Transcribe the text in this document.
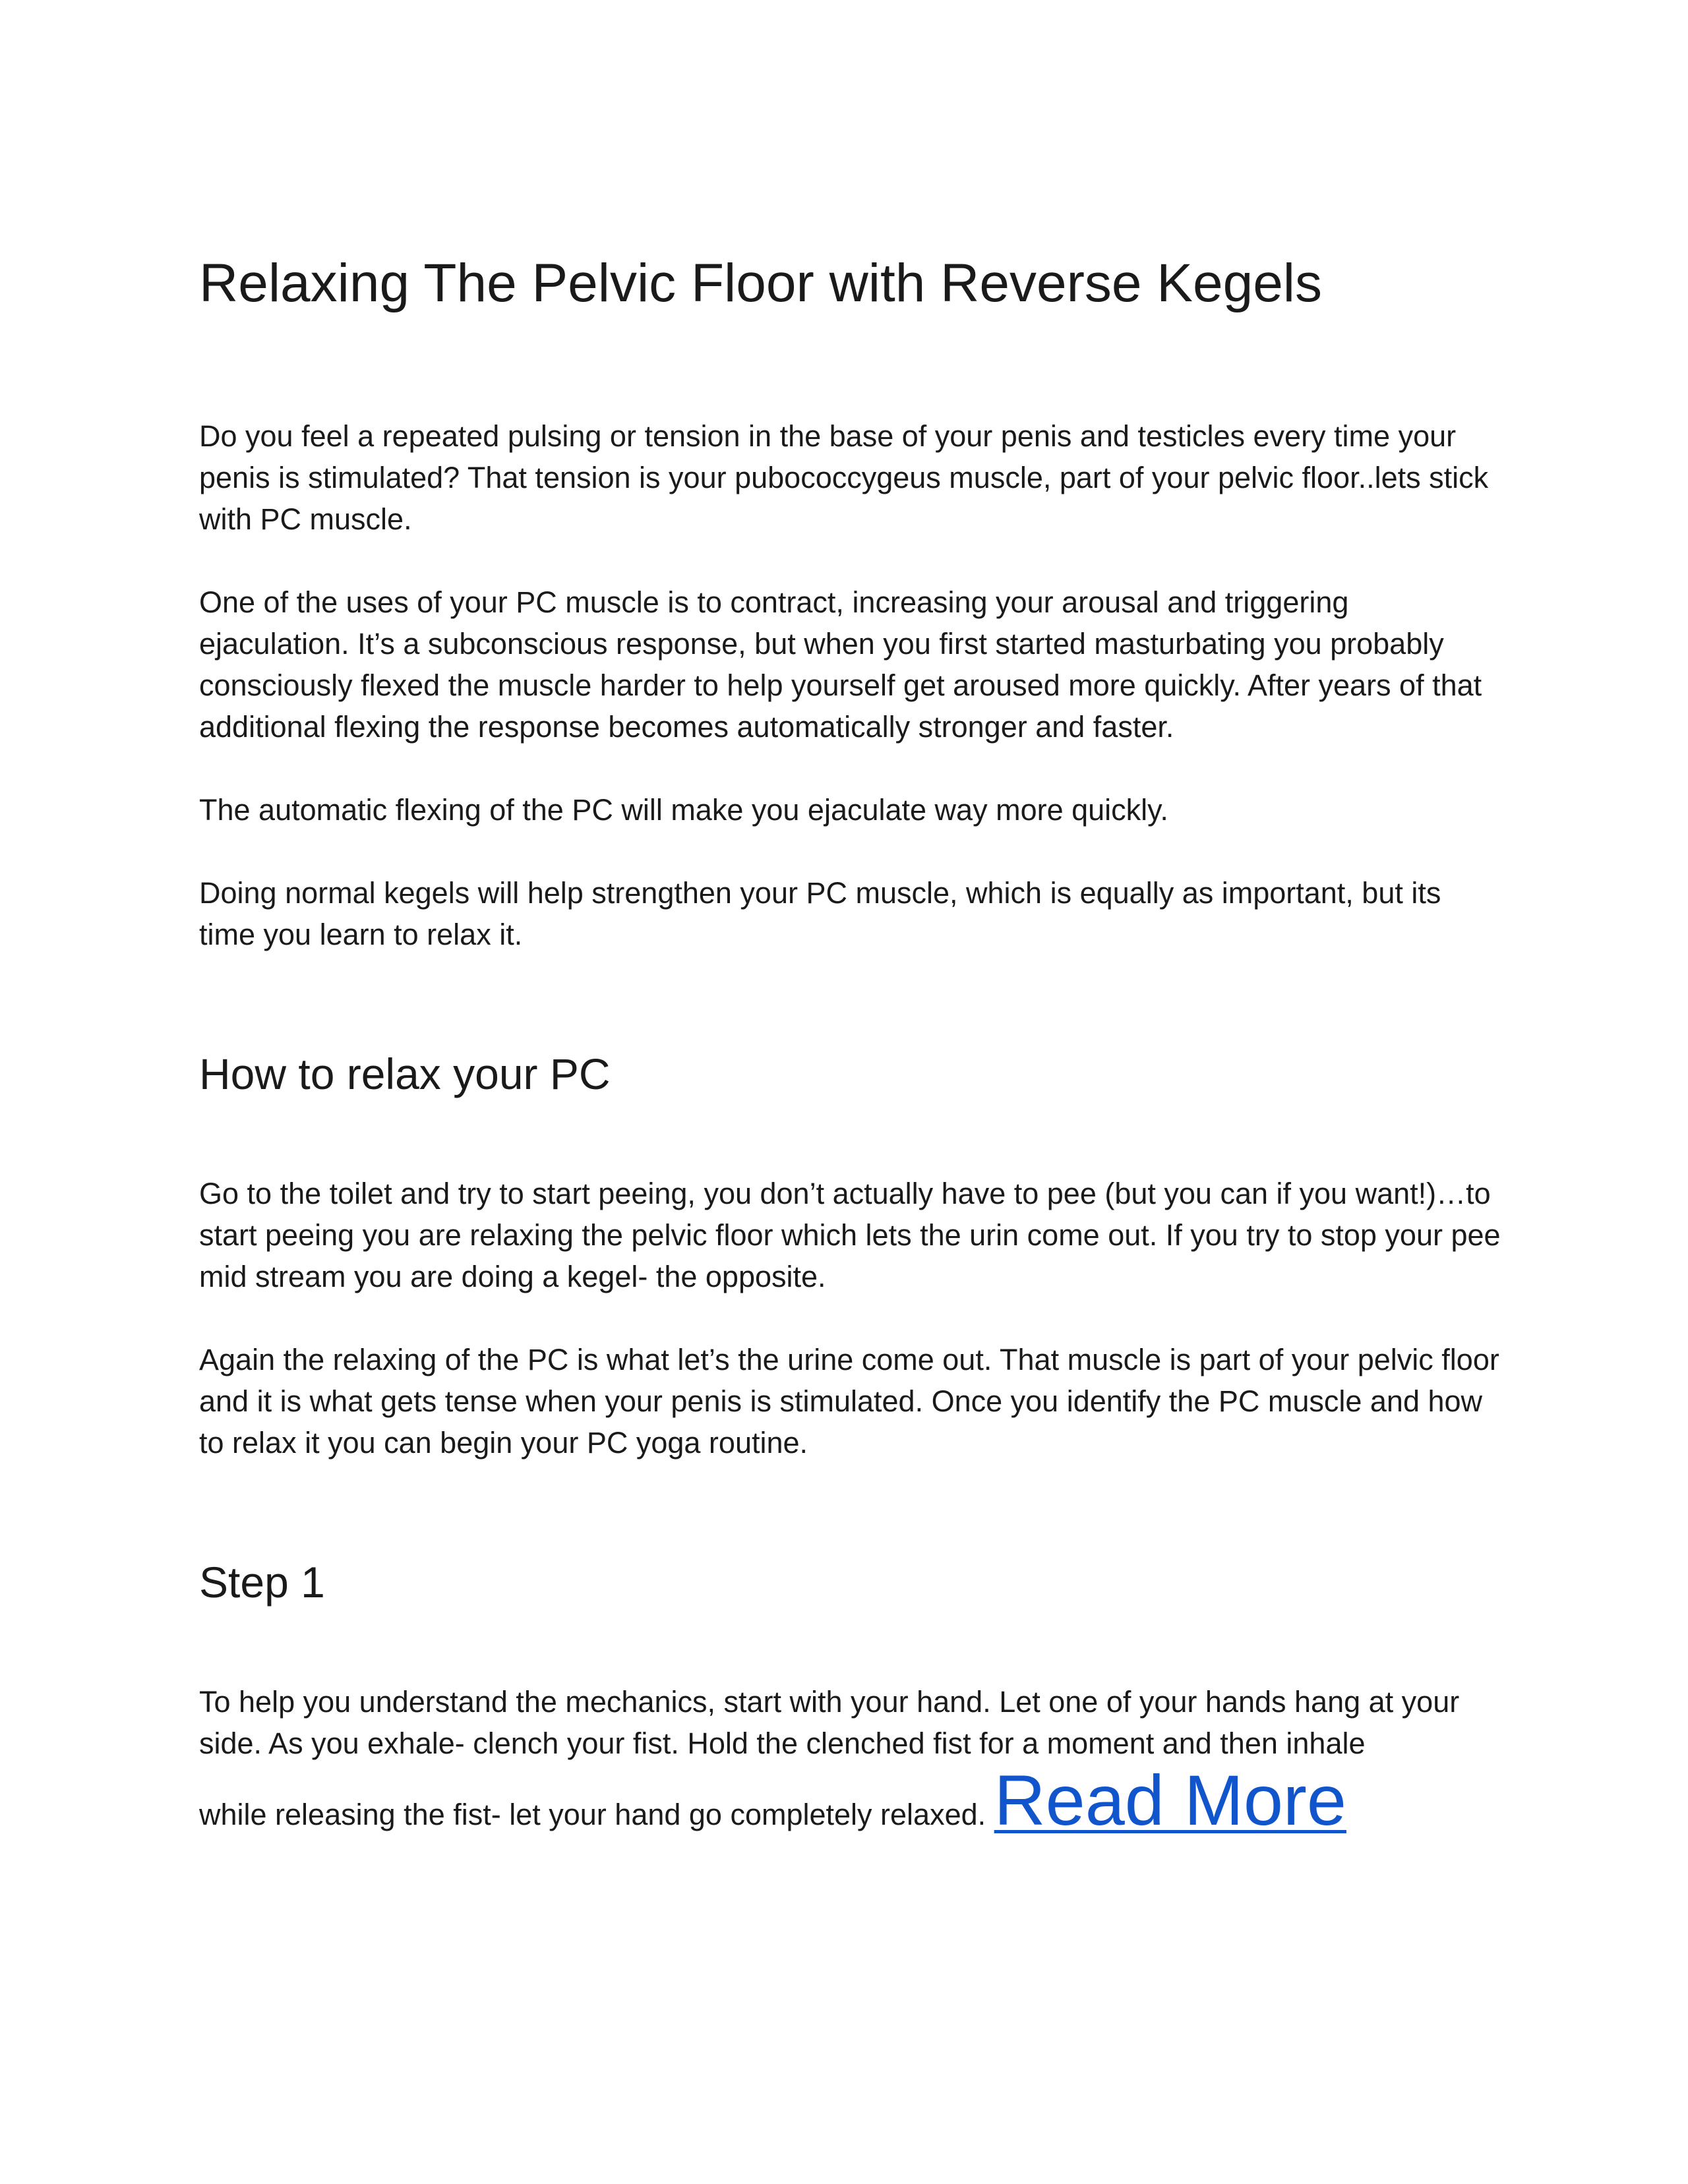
Relaxing The Pelvic Floor with Reverse Kegels

Do you feel a repeated pulsing or tension in the base of your penis and testicles every time your penis is stimulated? That tension is your pubococcygeus muscle, part of your pelvic floor..lets stick with PC muscle.

One of the uses of your PC muscle is to contract, increasing your arousal and triggering ejaculation. It’s a subconscious response, but when you first started masturbating you probably consciously flexed the muscle harder to help yourself get aroused more quickly. After years of that additional flexing the response becomes automatically stronger and faster.

The automatic flexing of the PC will make you ejaculate way more quickly.

Doing normal kegels will help strengthen your PC muscle, which is equally as important, but its time you learn to relax it.

How to relax your PC

Go to the toilet and try to start peeing, you don’t actually have to pee (but you can if you want!)…to start peeing you are relaxing the pelvic floor which lets the urin come out. If you try to stop your pee mid stream you are doing a kegel- the opposite.

Again the relaxing of the PC is what let’s the urine come out. That muscle is part of your pelvic floor and it is what gets tense when your penis is stimulated. Once you identify the PC muscle and how to relax it you can begin your PC yoga routine.

Step 1

To help you understand the mechanics, start with your hand. Let one of your hands hang at your side. As you exhale- clench your fist. Hold the clenched fist for a moment and then inhale

while releasing the fist- let your hand go completely relaxed. Read More
